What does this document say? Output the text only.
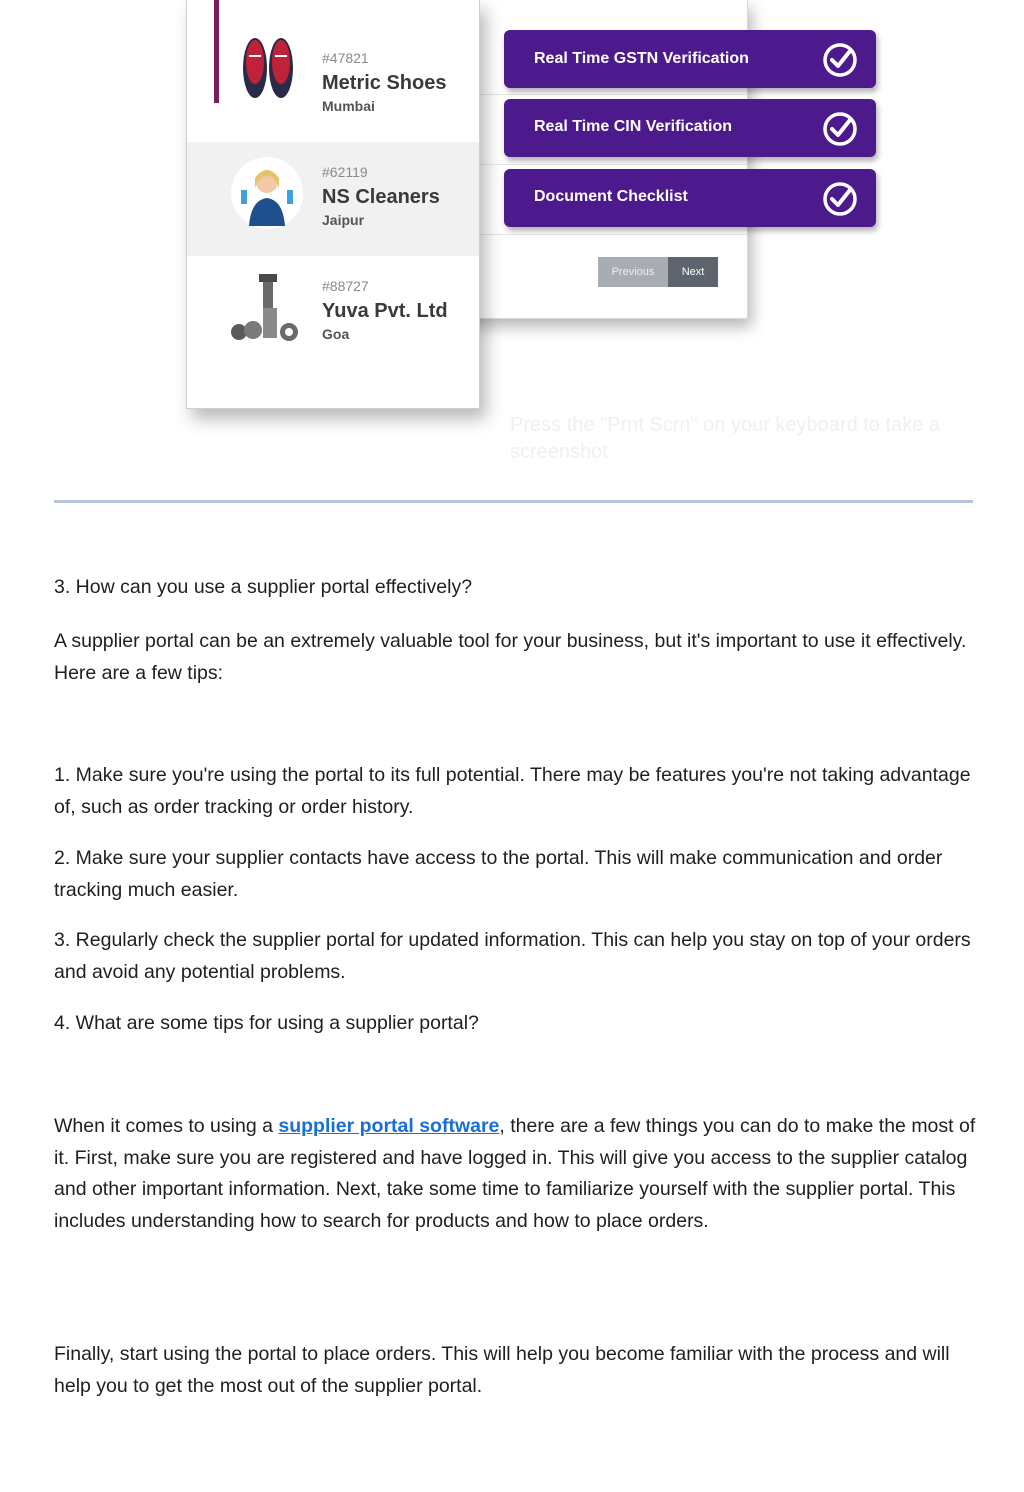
Real Time GSTN Verification
Real Time CIN Verification
Document Checklist
Previous	Next
#47821
Metric Shoes
Mumbai
#62119
NS Cleaners
Jaipur
#88727
Yuva Pvt. Ltd
Goa
Press the "Prnt Scrn" on your keyboard to take a screenshot

3. How can you use a supplier portal effectively?

A supplier portal can be an extremely valuable tool for your business, but it's important to use it effectively. Here are a few tips:

1. Make sure you're using the portal to its full potential. There may be features you're not taking advantage of, such as order tracking or order history.

2. Make sure your supplier contacts have access to the portal. This will make communication and order tracking much easier.

3. Regularly check the supplier portal for updated information. This can help you stay on top of your orders and avoid any potential problems.

4. What are some tips for using a supplier portal?

When it comes to using a supplier portal software, there are a few things you can do to make the most of it. First, make sure you are registered and have logged in. This will give you access to the supplier catalog and other important information. Next, take some time to familiarize yourself with the supplier portal. This includes understanding how to search for products and how to place orders.

Finally, start using the portal to place orders. This will help you become familiar with the process and will help you to get the most out of the supplier portal.
